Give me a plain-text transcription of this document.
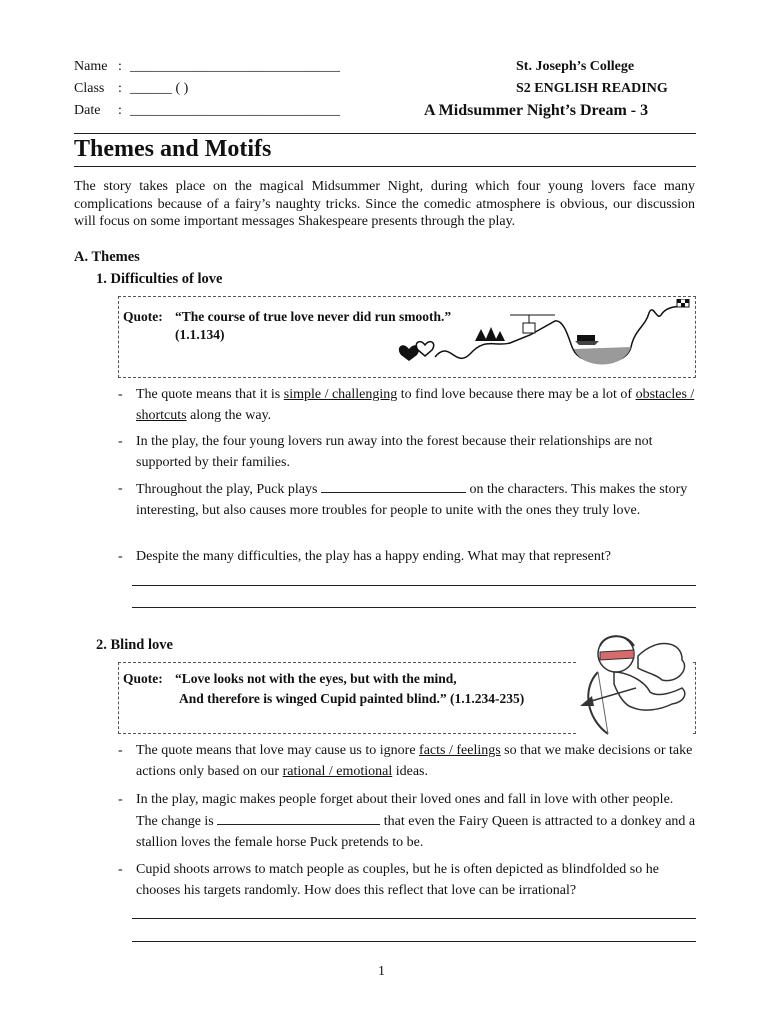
Name : ______________________________
Class : ______ ( )
Date : ______________________________
St. Joseph’s College
S2 ENGLISH READING
A Midsummer Night’s Dream - 3
Themes and Motifs
The story takes place on the magical Midsummer Night, during which four young lovers face many complications because of a fairy’s naughty tricks. Since the comedic atmosphere is obvious, our discussion will focus on some important messages Shakespeare presents through the play.
A. Themes
1. Difficulties of love
Quote: “The course of true love never did run smooth.”
(1.1.134)
- The quote means that it is simple / challenging to find love because there may be a lot of obstacles / shortcuts along the way.
- In the play, the four young lovers run away into the forest because their relationships are not supported by their families.
- Throughout the play, Puck plays	on the characters. This makes the story interesting, but also causes more troubles for people to unite with the ones they truly love.
- Despite the many difficulties, the play has a happy ending. What may that represent?
2. Blind love
Quote: “Love looks not with the eyes, but with the mind,
And therefore is winged Cupid painted blind.” (1.1.234-235)
- The quote means that love may cause us to ignore facts / feelings so that we make decisions or take actions only based on our rational / emotional ideas.
- In the play, magic makes people forget about their loved ones and fall in love with other people. The change is	that even the Fairy Queen is attracted to a donkey and a stallion loves the female horse Puck pretends to be.
- Cupid shoots arrows to match people as couples, but he is often depicted as blindfolded so he chooses his targets randomly. How does this reflect that love can be irrational?
1
